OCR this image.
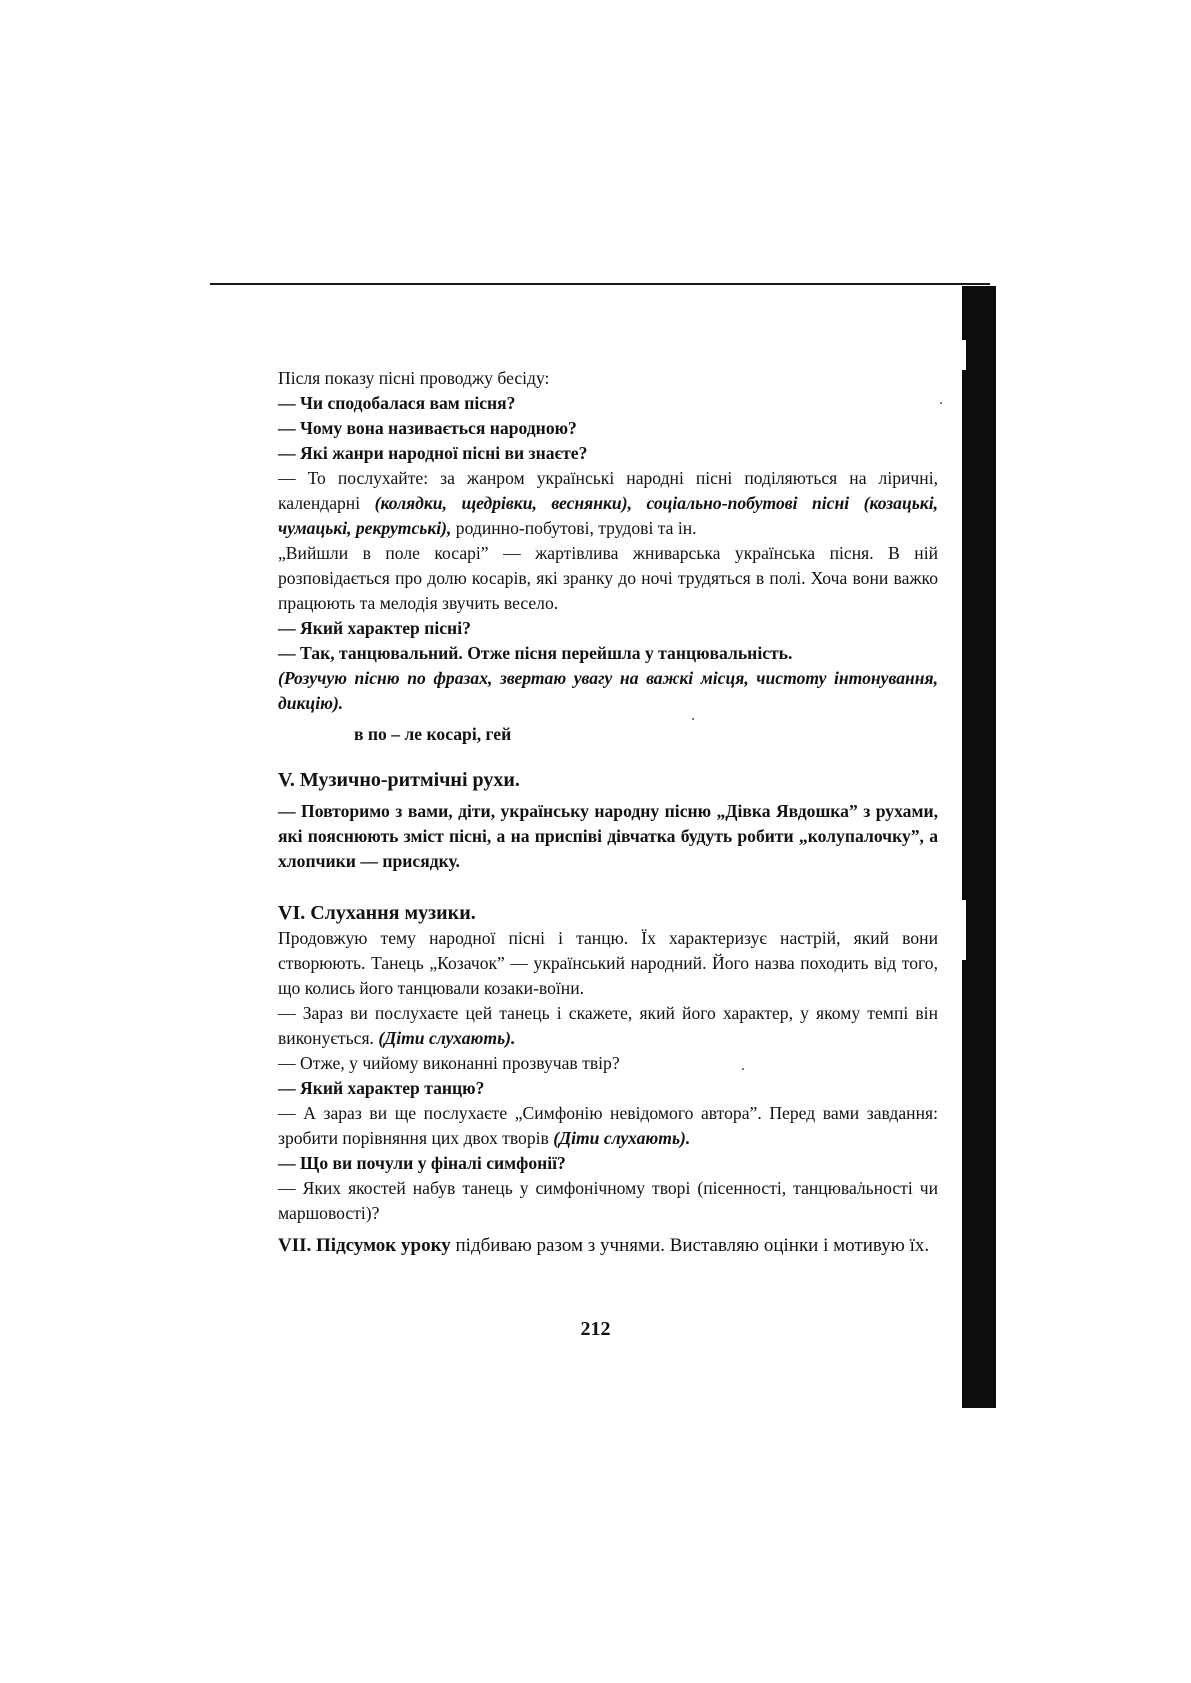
Після показу пісні проводжу бесіду:

— Чи сподобалася вам пісня?

— Чому вона називається народною?

— Які жанри народної пісні ви знаєте?

— То послухайте: за жанром українські народні пісні поділяються на ліричні, календарні (колядки, щедрівки, веснянки), соціально-побутові пісні (козацькі, чумацькі, рекрутські), родинно-побутові, трудові та ін.

„Вийшли в поле косарі” — жартівлива жниварська українська пісня. В ній розповідається про долю косарів, які зранку до ночі трудяться в полі. Хоча вони важко працюють та мелодія звучить весело.

— Який характер пісні?

— Так, танцювальний. Отже пісня перейшла у танцювальність.

(Розучую пісню по фразах, звертаю увагу на важкі місця, чистоту інтонування, дикцію).

в по – ле косарі, гей

V. Музично-ритмічні рухи.

— Повторимо з вами, діти, українську народну пісню „Дівка Явдошка” з рухами, які пояснюють зміст пісні, а на приспіві дівчатка будуть робити „колупалочку”, а хлопчики — присядку.

VI. Слухання музики.

Продовжую тему народної пісні і танцю. Їх характеризує настрій, який вони створюють. Танець „Козачок” — український народний. Його назва походить від того, що колись його танцювали козаки-воїни.

— Зараз ви послухаєте цей танець і скажете, який його характер, у якому темпі він виконується. (Діти слухають).

— Отже, у чийому виконанні прозвучав твір?

— Який характер танцю?

— А зараз ви ще послухаєте „Симфонію невідомого автора”. Перед вами завдання: зробити порівняння цих двох творів (Діти слухають).

— Що ви почули у фіналі симфонії?

— Яких якостей набув танець у симфонічному творі (пісенності, танцювальності чи маршовості)?

VII. Підсумок уроку підбиваю разом з учнями. Виставляю оцінки і мотивую їх.

212
